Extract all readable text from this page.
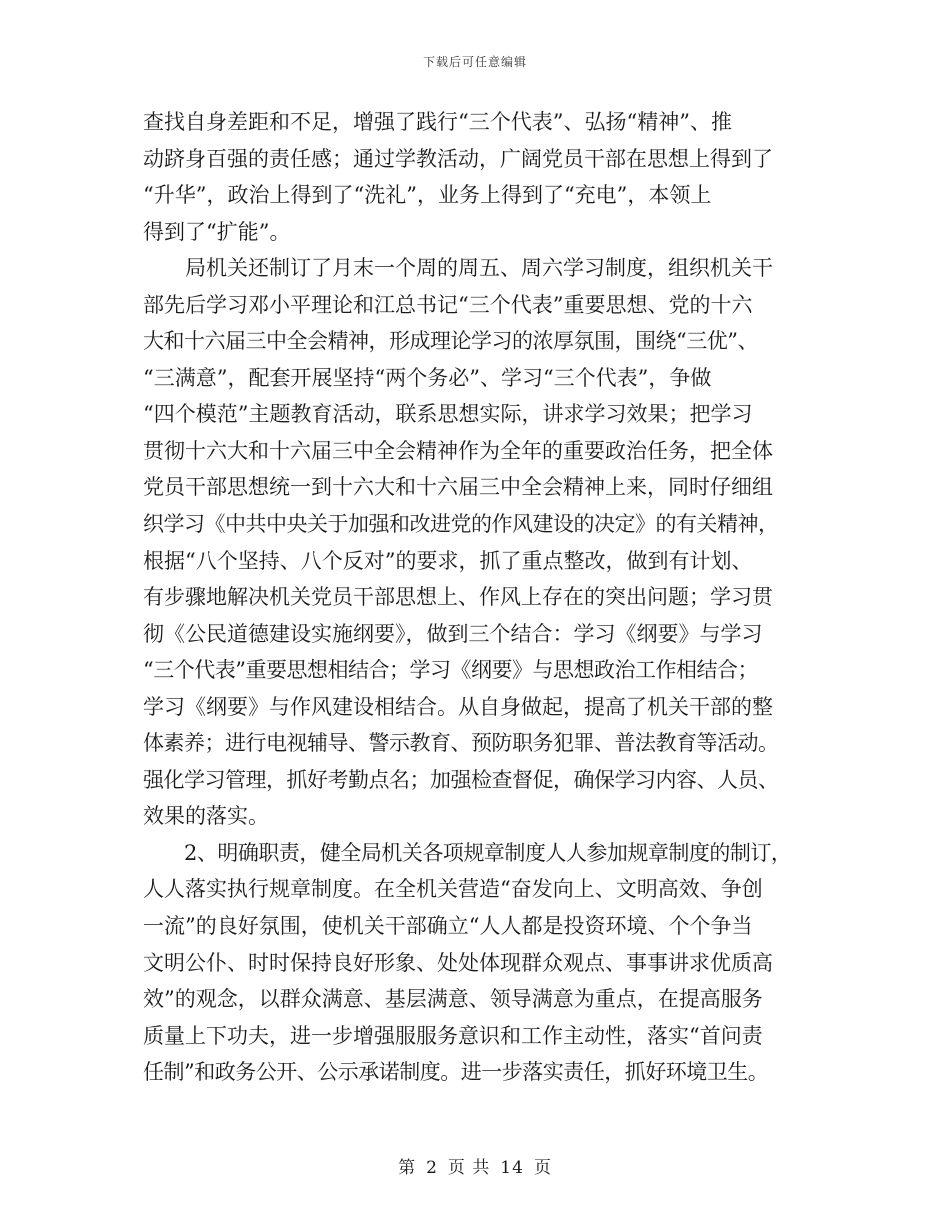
下载后可任意编辑
查找自身差距和不足，增强了践行“三个代表”、弘扬“精神”、推
动跻身百强的责任感；通过学教活动，广阔党员干部在思想上得到了
“升华”，政治上得到了“洗礼”，业务上得到了“充电”，本领上
得到了“扩能”。
　　局机关还制订了月末一个周的周五、周六学习制度，组织机关干
部先后学习邓小平理论和江总书记“三个代表”重要思想、党的十六
大和十六届三中全会精神，形成理论学习的浓厚氛围，围绕“三优”、
“三满意”，配套开展坚持“两个务必”、学习“三个代表”，争做
“四个模范”主题教育活动，联系思想实际，讲求学习效果；把学习
贯彻十六大和十六届三中全会精神作为全年的重要政治任务，把全体
党员干部思想统一到十六大和十六届三中全会精神上来，同时仔细组
织学习《中共中央关于加强和改进党的作风建设的决定》的有关精神，
根据“八个坚持、八个反对”的要求，抓了重点整改，做到有计划、
有步骤地解决机关党员干部思想上、作风上存在的突出问题；学习贯
彻《公民道德建设实施纲要》，做到三个结合：学习《纲要》与学习
“三个代表”重要思想相结合；学习《纲要》与思想政治工作相结合；
学习《纲要》与作风建设相结合。从自身做起，提高了机关干部的整
体素养；进行电视辅导、警示教育、预防职务犯罪、普法教育等活动。
强化学习管理，抓好考勤点名；加强检查督促，确保学习内容、人员、
效果的落实。
　　2、明确职责，健全局机关各项规章制度人人参加规章制度的制订，
人人落实执行规章制度。在全机关营造“奋发向上、文明高效、争创
一流”的良好氛围，使机关干部确立“人人都是投资环境、个个争当
文明公仆、时时保持良好形象、处处体现群众观点、事事讲求优质高
效”的观念，以群众满意、基层满意、领导满意为重点，在提高服务
质量上下功夫，进一步增强服服务意识和工作主动性，落实“首问责
任制”和政务公开、公示承诺制度。进一步落实责任，抓好环境卫生。
第 2 页 共 14 页
